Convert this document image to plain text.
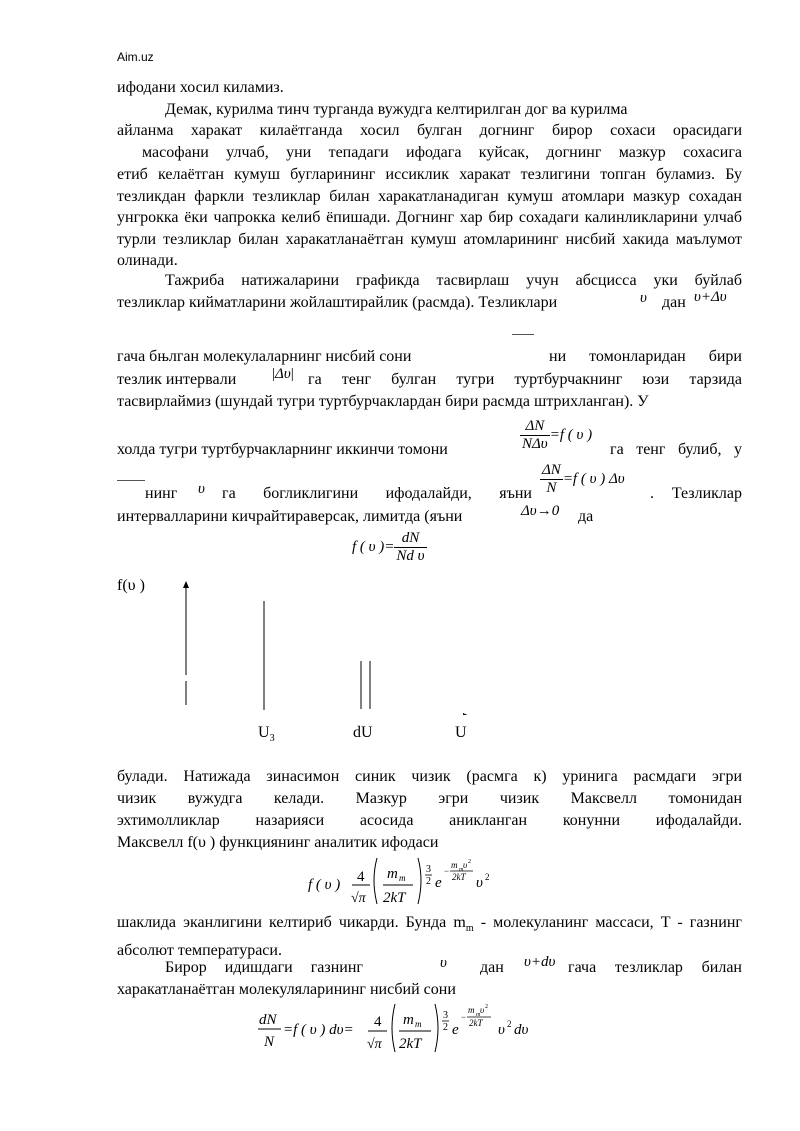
Aim.uz
ифодани хосил киламиз.
Демак, курилма тинч турганда вужудга келтирилган дог ва курилма
айланма харакат килаётганда хосил булган догнинг бирор сохаси орасидаги
масофани улчаб, уни тепадаги ифодага куйсак, догнинг мазкур сохасига
етиб келаётган кумуш бугларининг иссиклик харакат тезлигини топган буламиз. Бу тезликдан фаркли тезликлар билан харакатланадиган кумуш атомлари мазкур сохадан унгрокка ёки чапрокка келиб ёпишади. Догнинг хар бир сохадаги калинликларини улчаб турли тезликлар билан харакатланаётган кумуш атомларининг нисбий хакида маълумот олинади.
Тажриба натижаларини графикда тасвирлаш учун абсцисса уки буйлаб
тезликлар кийматларини жойлаштирайлик (расмда). Тезликлари	υ дан υ+Δυ
гача бњлган молекулаларнинг нисбий сони	ни томонларидан бири
тезлик интервали	|Δυ| га тенг булган тугри туртбурчакнинг юзи тарзида
тасвирлаймиз (шундай тугри туртбурчаклардан бири расмда штрихланган). У
холда тугри туртбурчакларнинг иккинчи томони	$\frac{\Delta N}{\text{NΔυ}} =f$ ( υ )
га тенг булиб, у
нинг	υ га богликлигини ифодалайди, яъни $\frac{\Delta N}{N} =f$ ( υ ) Δυ
. Тезликлар
интервалларини кичрайтираверсак, лимитда (яъни	Δυ→0 да
f ( υ )= $\frac{dN}{\text{Nd υ}}$
f(υ )
$U_3$	dU	U
булади. Натижада зинасимон синик чизик (расмга к) уринига расмдаги эгри
чизик вужудга келади. Мазкур эгри чизик Максвелл томонидан
эхтимолликлар назарияси асосида аникланган конунни ифодалайди.
Максвелл f(υ ) функциянинг аналитик ифодаси
f ( υ ) 4
√π
m m
2kT
3
2 e
−
m m υ 2
2kT υ 2
шаклида эканлигини келтириб чикарди. Бунда $m_m$ - молекуланинг массаси, T - газнинг абсолют температураси.
Бирор идишдаги газнинг	υ дан	υ+dυ гача тезликлар билан
харакатланаётган молекуляларининг нисбий сони
dN
N
=f ( υ ) dυ= 4
√π
m m
2kT
3
2 e
−
m m υ 2
2kT υ 2 dυ
